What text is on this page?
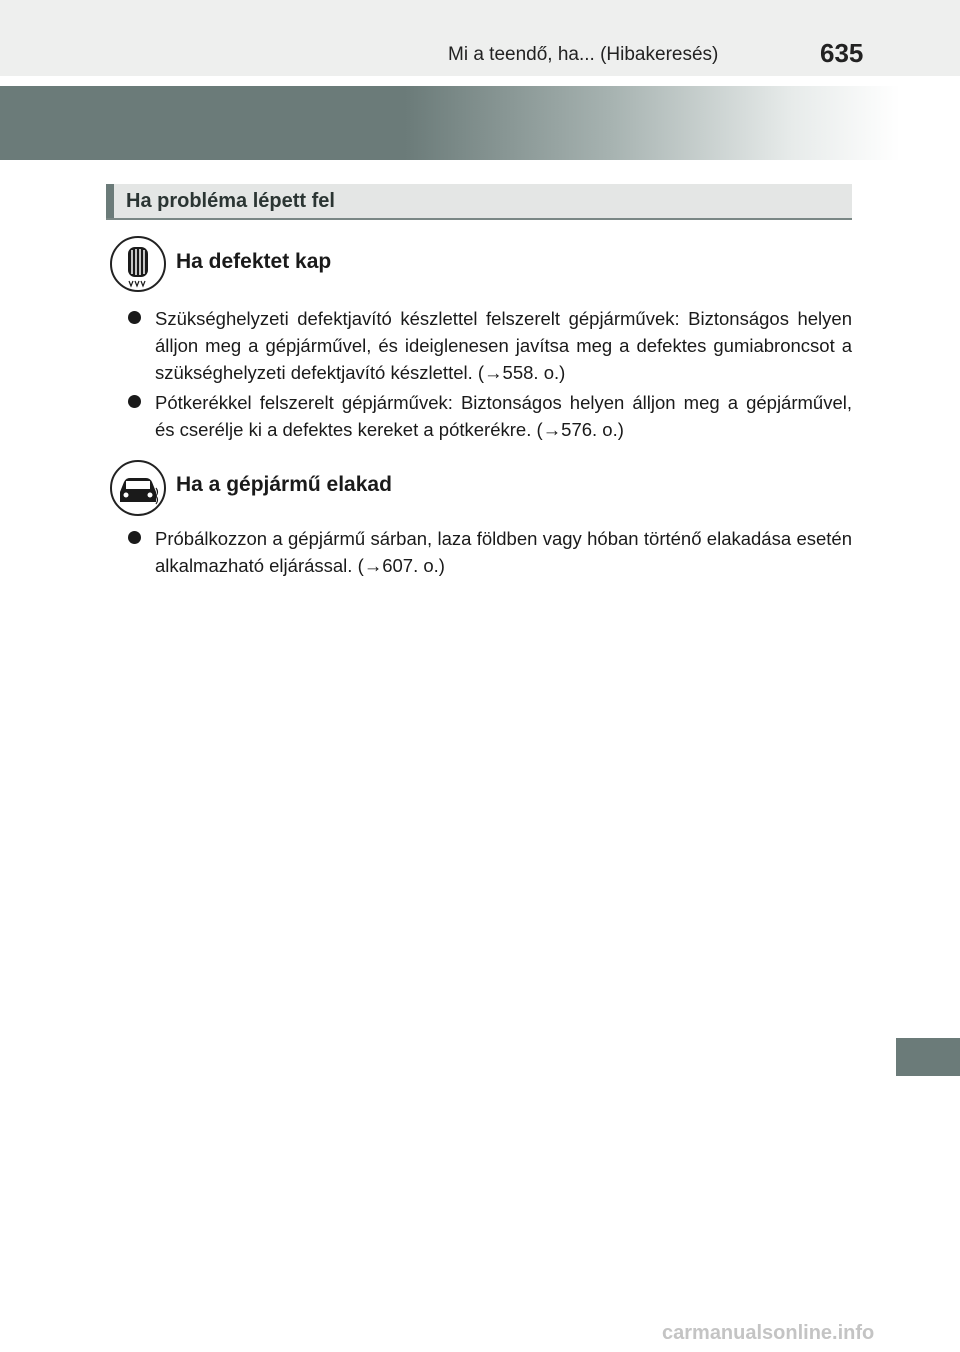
Mi a teendő, ha... (Hibakeresés)	635
Ha probléma lépett fel
Ha defektet kap
Szükséghelyzeti defektjavító készlettel felszerelt gépjárművek: Biztonságos helyen álljon meg a gépjárművel, és ideiglenesen javítsa meg a defektes gumiabroncsot a szükséghelyzeti defektjavító készlettel. (→558. o.)
Pótkerékkel felszerelt gépjárművek: Biztonságos helyen álljon meg a gépjárművel, és cserélje ki a defektes kereket a pótkerékre. (→576. o.)
Ha a gépjármű elakad
Próbálkozzon a gépjármű sárban, laza földben vagy hóban történő elakadása esetén alkalmazható eljárással. (→607. o.)
carmanualsonline.info
